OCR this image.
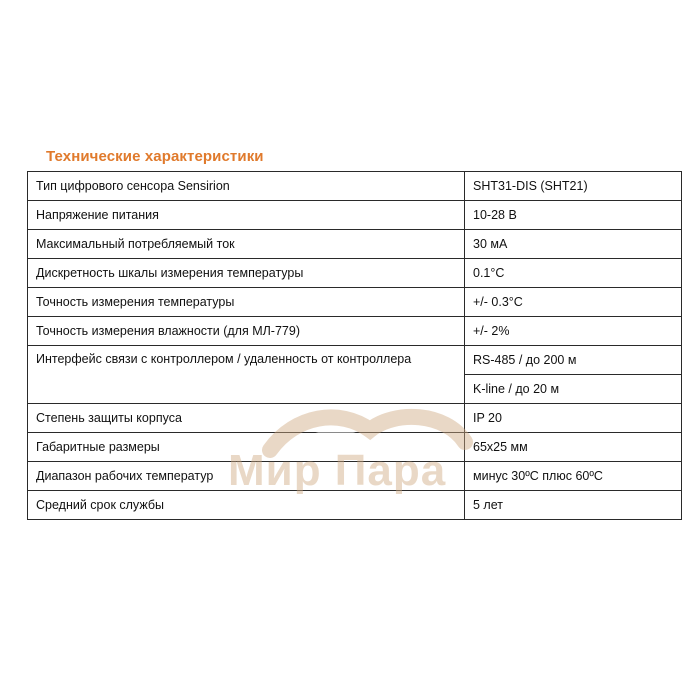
Технические характеристики
Тип цифрового сенсора Sensirion	SHT31-DIS (SHT21)
Напряжение питания	10-28 В
Максимальный потребляемый ток	30 мА
Дискретность шкалы измерения температуры	0.1°С
Точность измерения температуры	+/- 0.3°С
Точность измерения влажности (для МЛ-779)	+/- 2%
Интерфейс связи с контроллером / удаленность от контроллера	RS-485 / до 200 м
	K-line / до 20 м
Степень защиты корпуса	IP 20
Габаритные размеры	65х25 мм
Диапазон рабочих температур	минус 30ºС плюс 60ºС
Средний срок службы	5 лет
Мир Пара
